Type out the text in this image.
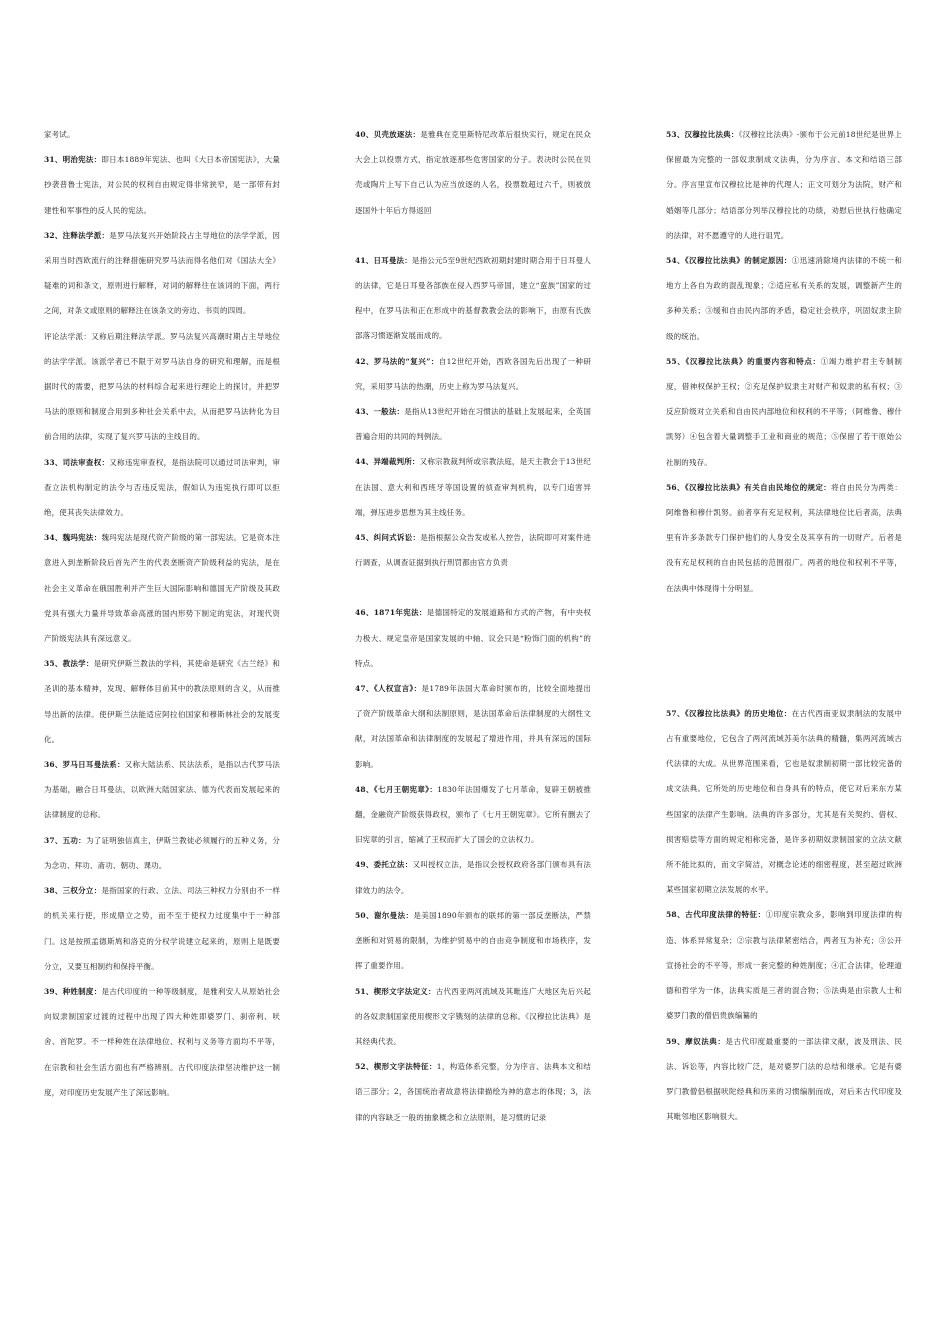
家考试。

31、明治宪法：即日本1889年宪法、也叫《大日本帝国宪法》，大量抄袭普鲁士宪法，对公民的权利自由规定得非常狭窄，是一部带有封建性和军事性的反人民的宪法。

32、注释法学派：是罗马法复兴开始阶段占主导地位的法学学派，因采用当时西欧流行的注释措施研究罗马法而得名他们对《国法大全》疑难的词和条文，原则进行解释，对词的解释往在该词的下面，两行之间，对条文或原则的解释注在该条文的旁边、书页的四周。

评论法学派：又称后期注释法学派。罗马法复兴高潮时期占主导地位的法学学派。该派学者已不限于对罗马法自身的研究和理解，而是根据时代的需要，把罗马法的材料综合起来进行理论上的探讨，并把罗马法的原则和制度合用到多种社会关系中去，从而把罗马法转化为目前合用的法律，实现了复兴罗马法的主线目的。

33、司法审查权：又称违宪审查权，是指法院可以通过司法审判，审查立法机构制定的法令与否违反宪法，假如认为违宪执行即可以拒绝，使其丧失法律效力。

34、魏玛宪法：魏玛宪法是现代资产阶级的第一部宪法。它是资本注意进入到垄断阶段后首先产生的代表垄断资产阶级利益的宪法，是在社会主义革命在俄国胜利并产生巨大国际影响和德国无产阶级及其政党具有强大力量并导致革命高涨的国内形势下制定的宪法，对现代资产阶级宪法具有深远意义。

35、教法学：是研究伊斯兰教法的学科，其使命是研究《古兰经》和圣训的基本精神，发现、解释体目前其中的教法原则的含义，从而推导出新的法律。使伊斯兰法能适应阿拉伯国家和穆斯林社会的发展变化。

36、罗马日耳曼法系：又称大陆法系、民法法系，是指以古代罗马法为基础，融合日耳曼法，以欧洲大陆国家法、德为代表而发展起来的法律制度的总称。

37、五功：为了证明独信真主，伊斯兰教徒必须履行的五种义务，分为念功、拜功、斋功、朝功、课功。

38、三权分立：是指国家的行政、立法、司法三种权力分别由不一样的机关来行使，形成鼎立之势，而不至于使权力过度集中于一种部门。这是按照孟德斯鸠和洛克的分权学说建立起来的，原则上是既要分立，又要互相制约和保持平衡。

39、种姓制度：是古代印度的一种等级制度，是雅利安人从原始社会向奴隶制国家过渡的过程中出现了四大种姓即婆罗门、刹帝利、吠舍、首陀罗。不一样种姓在法律地位、权利与义务等方面均不平等，在宗教和社会生活方面也有严格辨别。古代印度法律坚决维护这一制度，对印度历史发展产生了深远影响。

40、贝壳放逐法：是雅典在克里斯特尼改革后很快实行，规定在民众大会上以投票方式，指定放逐那些危害国家的分子。表决时公民在贝壳或陶片上写下自己认为应当放逐的人名，投票数超过六千，则被放逐国外十年后方得返回

41、日耳曼法：是指公元5至9世纪西欧初期封建时期合用于日耳曼人的法律，它是日耳曼各部族在侵入西罗马帝国，建立“蛮族”国家的过程中，在罗马法和正在形成中的基督教教会法的影响下，由原有氏族部落习惯逐渐发展而成的。

42、罗马法的“复兴”：自12世纪开始，西欧各国先后出现了一种研究，采用罗马法的热潮，历史上称为罗马法复兴。

43、一般法：是指从13世纪开始在习惯法的基础上发展起来，全英国普遍合用的共同的判例法。

44、异端裁判所：又称宗教裁判所或宗教法庭，是天主教会于13世纪在法国、意大利和西班牙等国设置的侦查审判机构，以专门追害异端，弹压进步思想为其主线任务。

45、纠问式诉讼：是指根据公众告发或私人控告，法院即可对案件进行调查，从调查证据到执行刑罚都由官方负责

46、1871年宪法：是德国特定的发展道路和方式的产物，有中央权力极大、规定皇帝是国家发展的中轴、议会只是“粉饰门面的机构”的特点。

47、《人权宣言》：是1789年法国大革命时颁布的，比较全面地提出了资产阶级革命大纲和法制原则，是法国革命后法律制度的大纲性文献，对法国革命和法律制度的发展起了增进作用，并具有深远的国际影响。

48、《七月王朝宪章》：1830年法国爆发了七月革命，复辟王朝被推翻，金融资产阶级获得政权，颁布了《七月王朝宪章》。它所有删去了旧宪章的引言，缩减了王权而扩大了国会的立法权力。

49、委托立法：又叫授权立法，是指议会授权政府各部门颁布具有法律效力的法令。

50、谢尔曼法：是美国1890年颁布的联邦的第一部反垄断法，严禁垄断和对贸易的限制，为维护贸易中的自由竞争制度和市场秩序，发挥了重要作用。

51、楔形文字法定义：古代西亚两河流域及其毗连广大地区先后兴起的各奴隶制国家使用楔形文字镌刻的法律的总称。《汉穆拉比法典》是其经典代表。

52、楔形文字法特征：1，构造体系完整，分为序言、法典本文和结语三部分；2，各国统治者故意将法律描绘为神的意志的体现；3，法律的内容缺乏一般的抽象概念和立法原则，是习惯的记录

53、汉穆拉比法典：《汉穆拉比法典》-颁布于公元前18世纪是世界上保留最为完整的一部奴隶制成文法典，分为序言、本文和结语三部分。序言里宣布汉穆拉比是神的代理人；正文可划分为法院，财产和婚姻等几部分；结语部分列举汉穆拉比的功绩，劝慰后世执行他确定的法律，对不愿遵守的人进行诅咒。

54、《汉穆拉比法典》的制定原因：①迅速消除境内法律的不统一和地方上各自为政的混乱现象；②适应私有关系的发展，调整新产生的多种关系；③缓和自由民内部的矛盾，稳定社会秩序，巩固奴隶主阶级的统治。

55、《汉穆拉比法典》的重要内容和特点：①竭力维护君主专制制度，借神权保护王权；②充足保护奴隶主对财产和奴隶的私有权；③反应阶级对立关系和自由民内部地位和权利的不平等；（阿维鲁、穆什凯努）④包含着大量调整手工业和商业的规范；⑤保留了若干原始公社制的残存。

56、《汉穆拉比法典》有关自由民地位的规定：将自由民分为两类：阿维鲁和穆什凯努。前者享有充足权利，其法律地位比后者高，法典里有许多条款专门保护他们的人身安全及其享有的一切财产。后者是没有充足权利的自由民包括的范围很广。两者的地位和权利不平等，在法典中体现得十分明显。

57、《汉穆拉比法典》的历史地位：在古代西南亚奴隶制法的发展中占有重要地位，它包含了两河流域苏美尔法典的精髓，集两河流域古代法律的大成。从世界范围来看，它也是奴隶制初期一部比较完备的成文法典。它所处的历史地位和自身具有的特点，使它对后来东方某些国家的法律产生影响。法典的许多部分，尤其是有关契约、借权、损害赔偿等方面的规定相称完备，是许多初期奴隶制国家的立法文献所不能比拟的，而文字简洁，对概念论述的细密程度，甚至超过欧洲某些国家初期立法发展的水平。

58、古代印度法律的特征：①印度宗教众多，影响到印度法律的构造、体系异常复杂；②宗教与法律紧密结合，两者互为补充；③公开宣扬社会的不平等，形成一套完整的种姓制度；④汇合法律，伦理道德和哲学为一体，法典实质是三者的混合物；⑤法典是由宗教人士和婆罗门教的僧侣贵族编纂的

59、摩奴法典：是古代印度最重要的一部法律文献，波及刑法、民法、诉讼等，内容比较广泛，是对婆罗门法的总结和继承。它是有婆罗门教僧侣根据吠陀经典和历来的习惯编制而成，对后来古代印度及其毗邻地区影响很大。
